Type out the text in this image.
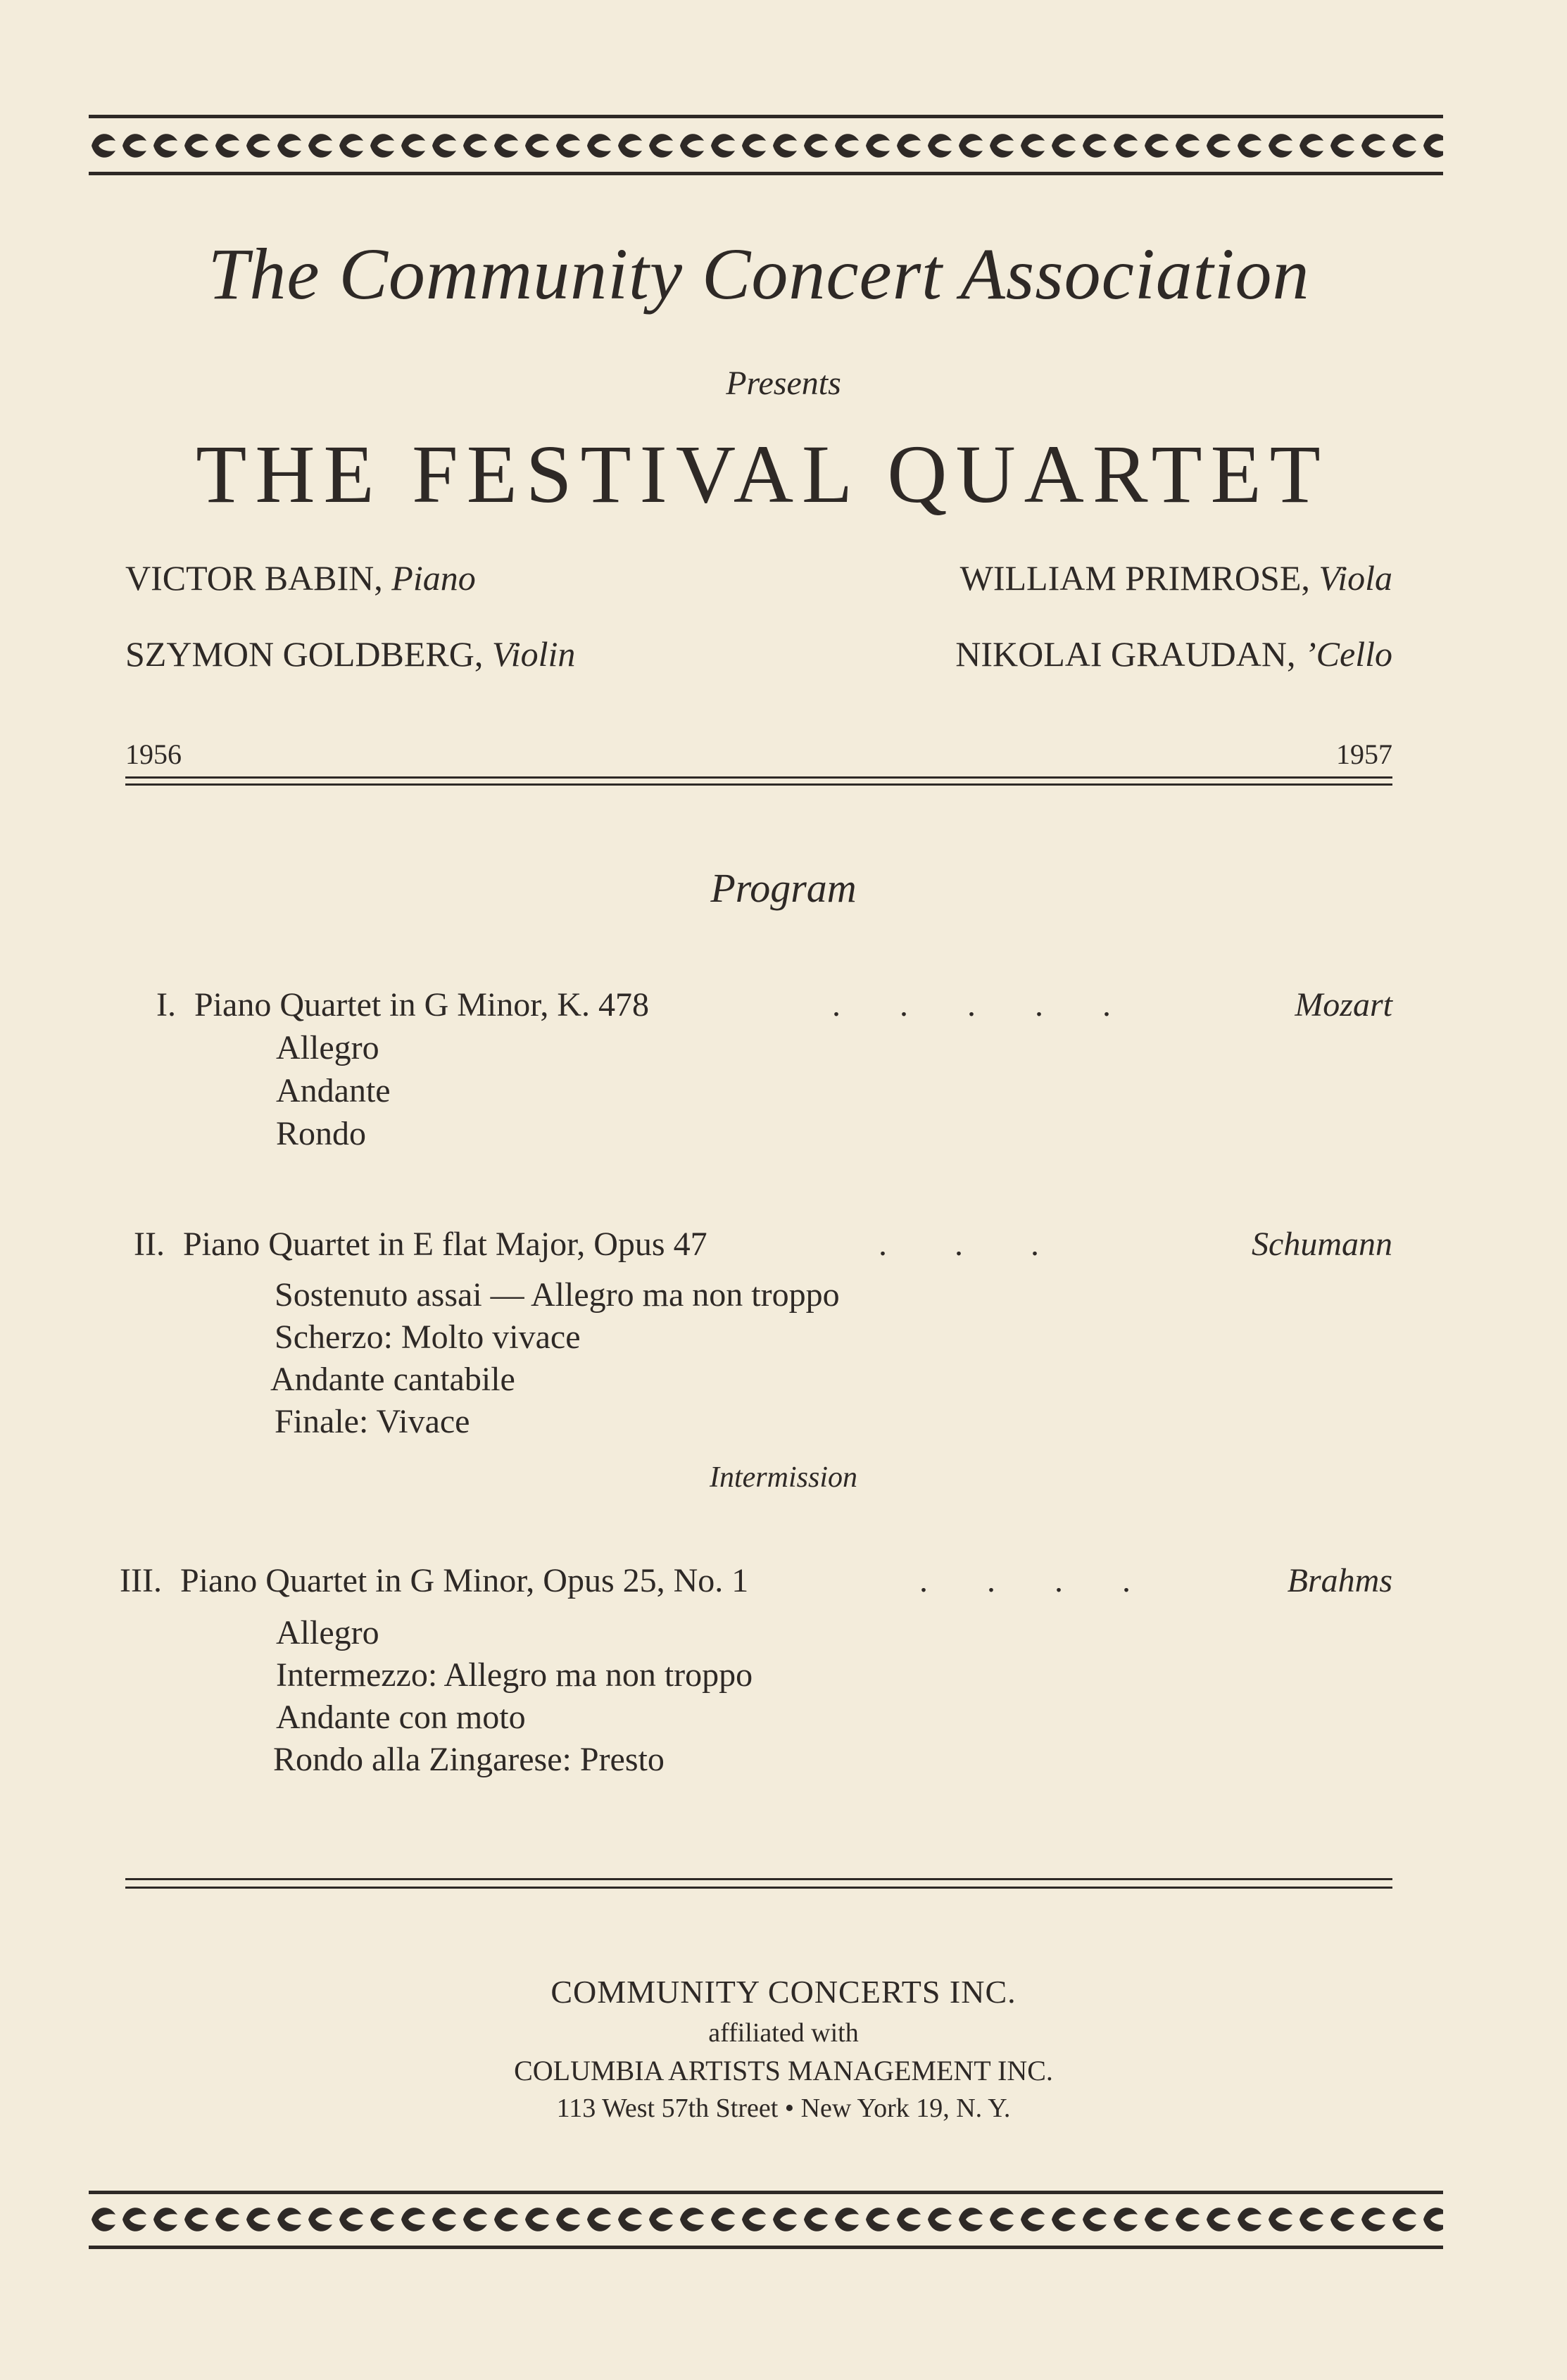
The Community Concert Association
Presents
THE FESTIVAL QUARTET
VICTOR BABIN, Piano	WILLIAM PRIMROSE, Viola
SZYMON GOLDBERG, Violin	NIKOLAI GRAUDAN, ’Cello
1956	1957
Program
I. Piano Quartet in G Minor, K. 478	.       .       .       .       .	Mozart
Allegro
Andante
Rondo
II. Piano Quartet in E flat Major, Opus 47	.        .        .	Schumann
Sostenuto assai — Allegro ma non troppo
Scherzo: Molto vivace
Andante cantabile
Finale: Vivace
Intermission
III. Piano Quartet in G Minor, Opus 25, No. 1	.       .       .       .	Brahms
Allegro
Intermezzo: Allegro ma non troppo
Andante con moto
Rondo alla Zingarese: Presto
COMMUNITY CONCERTS INC.
affiliated with
COLUMBIA ARTISTS MANAGEMENT INC.
113 West 57th Street • New York 19, N. Y.
